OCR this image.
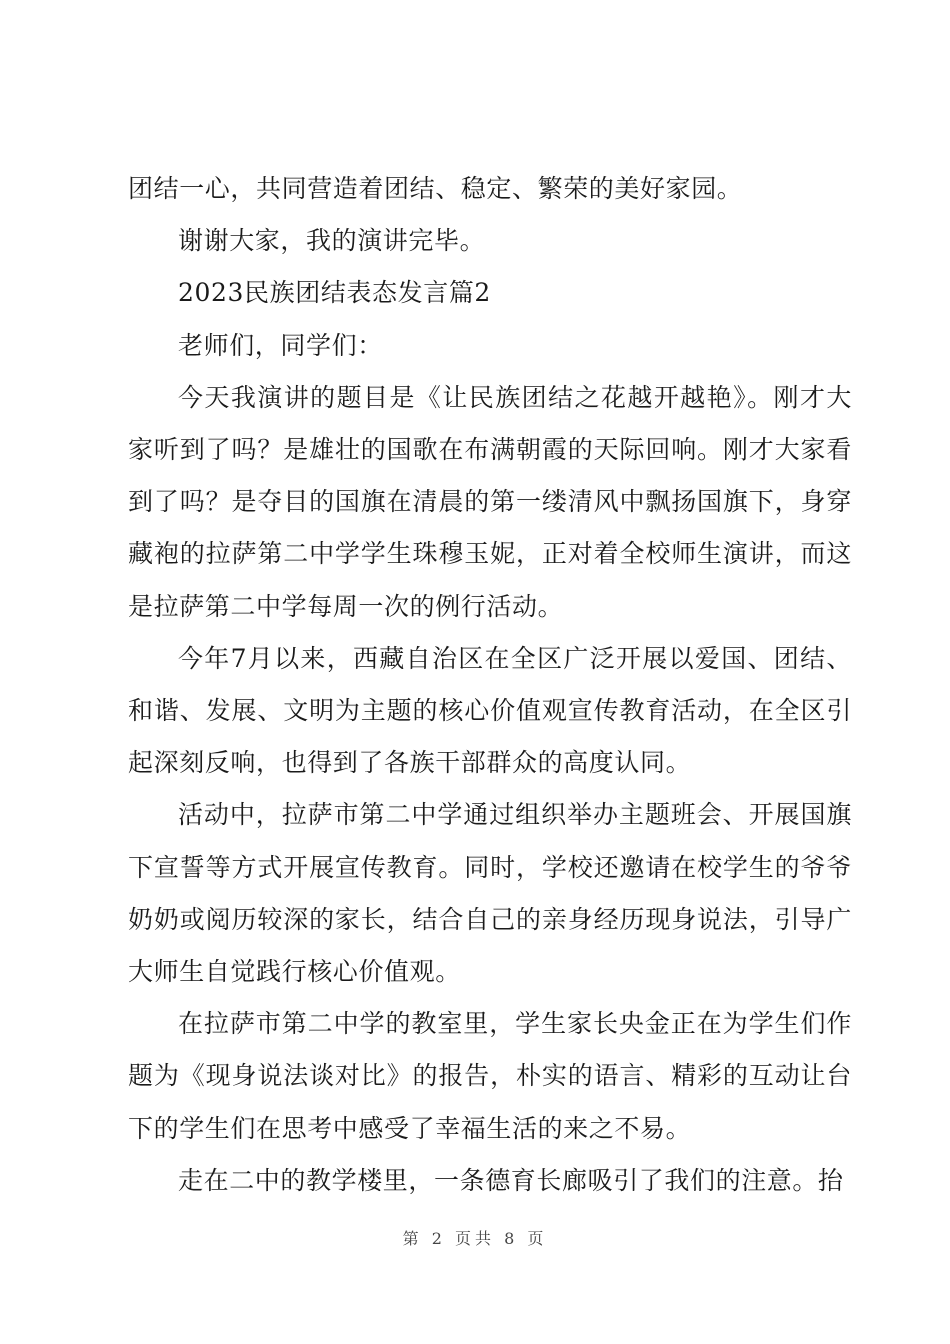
团结一心，共同营造着团结、稳定、繁荣的美好家园。

谢谢大家，我的演讲完毕。

2023民族团结表态发言篇2

老师们，同学们：

今天我演讲的题目是《让民族团结之花越开越艳》。刚才大家听到了吗？是雄壮的国歌在布满朝霞的天际回响。刚才大家看到了吗？是夺目的国旗在清晨的第一缕清风中飘扬国旗下，身穿藏袍的拉萨第二中学学生珠穆玉妮，正对着全校师生演讲，而这是拉萨第二中学每周一次的例行活动。

今年7月以来，西藏自治区在全区广泛开展以爱国、团结、和谐、发展、文明为主题的核心价值观宣传教育活动，在全区引起深刻反响，也得到了各族干部群众的高度认同。

活动中，拉萨市第二中学通过组织举办主题班会、开展国旗下宣誓等方式开展宣传教育。同时，学校还邀请在校学生的爷爷奶奶或阅历较深的家长，结合自己的亲身经历现身说法，引导广大师生自觉践行核心价值观。

在拉萨市第二中学的教室里，学生家长央金正在为学生们作题为《现身说法谈对比》的报告，朴实的语言、精彩的互动让台下的学生们在思考中感受了幸福生活的来之不易。

走在二中的教学楼里，一条德育长廊吸引了我们的注意。抬

第 2 页共 8 页
